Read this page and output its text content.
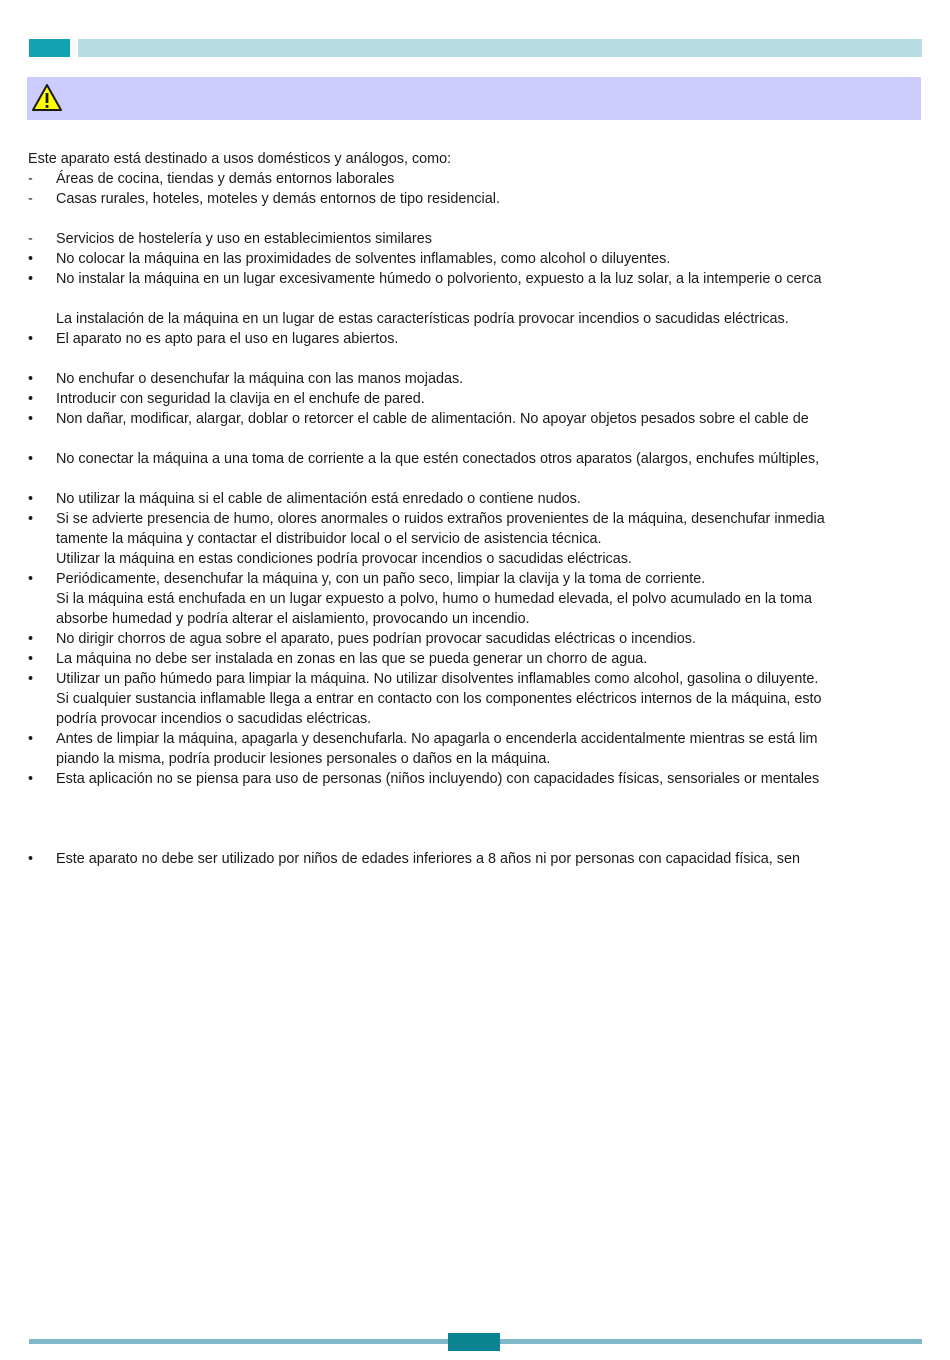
Este aparato está destinado a usos domésticos y análogos, como:
-	Áreas de cocina, tiendas y demás entornos laborales
-	Casas rurales, hoteles, moteles y demás entornos de tipo residencial.
-	Servicios de hostelería y uso en establecimientos similares
•	No colocar la máquina en las proximidades de solventes inflamables, como alcohol o diluyentes.
•	No instalar la máquina en un lugar excesivamente húmedo o polvoriento, expuesto a la luz solar, a la intemperie o cerca
La instalación de la máquina en un lugar de estas características podría provocar incendios o sacudidas eléctricas.
•	El aparato no es apto para el uso en lugares abiertos.
•	No enchufar o desenchufar la máquina con las manos mojadas.
•	Introducir con seguridad la clavija en el enchufe de pared.
•	Non dañar, modificar, alargar, doblar o retorcer el cable de alimentación. No apoyar objetos pesados sobre el cable de
•	No conectar la máquina a una toma de corriente a la que estén conectados otros aparatos (alargos, enchufes múltiples,
•	No utilizar la máquina si el cable de alimentación está enredado o contiene nudos.
•	Si se advierte presencia de humo, olores anormales o ruidos extraños provenientes de la máquina, desenchufar inmedia
tamente la máquina y contactar el distribuidor local o el servicio de asistencia técnica.
Utilizar la máquina en estas condiciones podría provocar incendios o sacudidas eléctricas.
•	Periódicamente, desenchufar la máquina y, con un paño seco, limpiar la clavija y la toma de corriente.
Si la máquina está enchufada en un lugar expuesto a polvo, humo o humedad elevada, el polvo acumulado en la toma
absorbe humedad y podría alterar el aislamiento, provocando un incendio.
•	No dirigir chorros de agua sobre el aparato, pues podrían provocar sacudidas eléctricas o incendios.
•	La máquina no debe ser instalada en zonas en las que se pueda generar un chorro de agua.
•	Utilizar un paño húmedo para limpiar la máquina. No utilizar disolventes inflamables como alcohol, gasolina o diluyente.
Si cualquier sustancia inflamable llega a entrar en contacto con los componentes eléctricos internos de la máquina, esto
podría provocar incendios o sacudidas eléctricas.
•	Antes de limpiar la máquina, apagarla y desenchufarla. No apagarla o encenderla accidentalmente mientras se está lim
piando la misma, podría producir lesiones personales o daños en la máquina.
•	Esta aplicación no se piensa para uso de personas (niños incluyendo) con capacidades físicas, sensoriales or mentales
•	Este aparato no debe ser utilizado por niños de edades inferiores a 8 años ni por personas con capacidad física, sen
